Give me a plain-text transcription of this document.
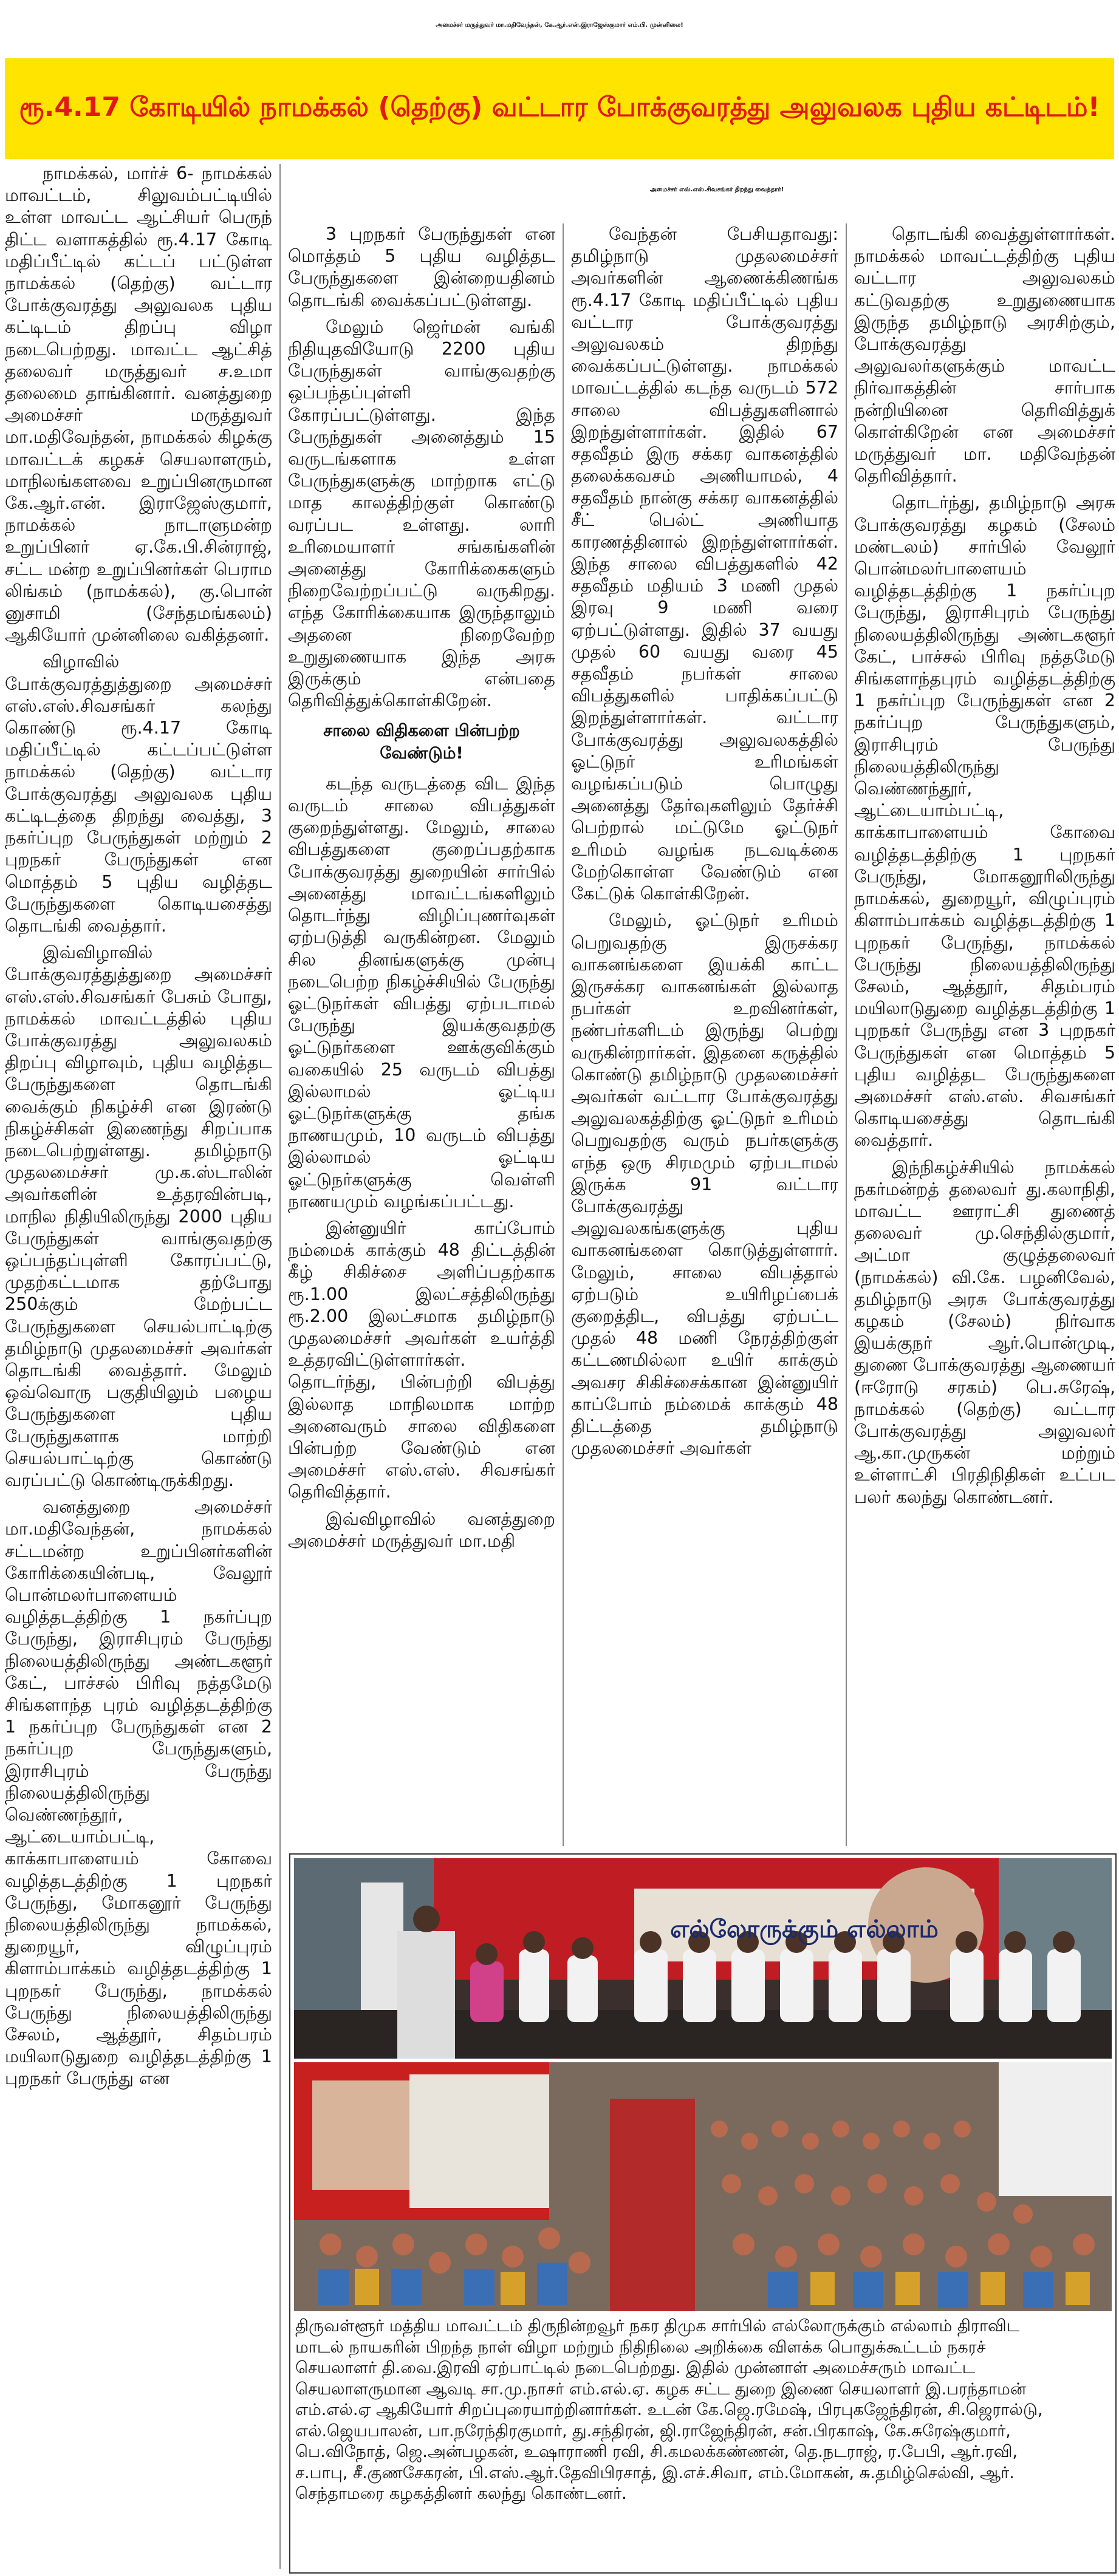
அமைச்சர் மருத்துவர் மா.மதிவேந்தன், கே.ஆர்.என்.இராஜேஸ்குமார் எம்.பி. முன்னிலை!
ரூ.4.17 கோடியில் நாமக்கல் (தெற்கு) வட்டார போக்குவரத்து அலுவலக புதிய கட்டிடம்!
அமைச்சர் எஸ்.எஸ்.சிவசங்கர் திறந்து வைத்தார்!

நாமக்கல், மார்ச் 6- நாமக்கல் மாவட்டம், சிலுவம்பட்டியில் உள்ள மாவட்ட ஆட்சியர் பெருந் திட்ட வளாகத்தில் ரூ.4.17 கோடி மதிப்பீட்டில் கட்டப் பட்டுள்ள நாமக்கல் (தெற்கு) வட்டார போக்குவரத்து அலுவலக புதிய கட்டிடம் திறப்பு விழா நடைபெற்றது. மாவட்ட ஆட்சித் தலைவர் மருத்துவர் ச.உமா தலைமை தாங்கினார். வனத்துறை அமைச்சர் மருத்துவர் மா.மதிவேந்தன், நாமக்கல் கிழக்கு மாவட்டக் கழகச் செயலாளரும், மாநிலங்களவை உறுப்பினருமான கே.ஆர்.என். இராஜேஸ்குமார், நாமக்கல் நாடாளுமன்ற உறுப்பினர் ஏ.கே.பி.சின்ராஜ், சட்ட மன்ற உறுப்பினர்கள் பெராம லிங்கம் (நாமக்கல்), கு.பொன் னுசாமி (சேந்தமங்கலம்) ஆகியோர் முன்னிலை வகித்தனர்.

விழாவில் போக்குவரத்துத்துறை அமைச்சர் எஸ்.எஸ்.சிவசங்கர் கலந்து கொண்டு ரூ.4.17 கோடி மதிப்பீட்டில் கட்டப்பட்டுள்ள நாமக்கல் (தெற்கு) வட்டார போக்குவரத்து அலுவலக புதிய கட்டிடத்தை திறந்து வைத்து, 3 நகர்ப்புற பேருந்துகள் மற்றும் 2 புறநகர் பேருந்துகள் என மொத்தம் 5 புதிய வழித்தட பேருந்துகளை கொடியசைத்து தொடங்கி வைத்தார்.

இவ்விழாவில் போக்குவரத்துத்துறை அமைச்சர் எஸ்.எஸ்.சிவசங்கர் பேசும் போது, நாமக்கல் மாவட்டத்தில் புதிய போக்குவரத்து அலுவலகம் திறப்பு விழாவும், புதிய வழித்தட பேருந்துகளை தொடங்கி வைக்கும் நிகழ்ச்சி என இரண்டு நிகழ்ச்சிகள் இணைந்து சிறப்பாக நடைபெற்றுள்ளது. தமிழ்நாடு முதலமைச்சர் மு.க.ஸ்டாலின் அவர்களின் உத்தரவின்படி, மாநில நிதியிலிருந்து 2000 புதிய பேருந்துகள் வாங்குவதற்கு ஒப்பந்தப்புள்ளி கோரப்பட்டு, முதற்கட்டமாக தற்போது 250க்கும் மேற்பட்ட பேருந்துகளை செயல்பாட்டிற்கு தமிழ்நாடு முதலமைச்சர் அவர்கள் தொடங்கி வைத்தார். மேலும் ஒவ்வொரு பகுதியிலும் பழைய பேருந்துகளை புதிய பேருந்துகளாக மாற்றி செயல்பாட்டிற்கு கொண்டு வரப்பட்டு கொண்டிருக்கிறது.

வனத்துறை அமைச்சர் மா.மதிவேந்தன், நாமக்கல் சட்டமன்ற உறுப்பினர்களின் கோரிக்கையின்படி, வேலூர் பொன்மலர்பாளையம் வழித்தடத்திற்கு 1 நகர்ப்புற பேருந்து, இராசிபுரம் பேருந்து நிலையத்திலிருந்து அண்டகளூர் கேட், பாச்சல் பிரிவு நத்தமேடு சிங்களாந்த புரம் வழித்தடத்திற்கு 1 நகர்ப்புற பேருந்துகள் என 2 நகர்ப்புற பேருந்துகளும், இராசிபுரம் பேருந்து நிலையத்திலிருந்து வெண்ணந்தூர், ஆட்டையாம்பட்டி, காக்காபாளையம் கோவை வழித்தடத்திற்கு 1 புறநகர் பேருந்து, மோகனூர் பேருந்து நிலையத்திலிருந்து நாமக்கல், துறையூர், விழுப்புரம் கிளாம்பாக்கம் வழித்தடத்திற்கு 1 புறநகர் பேருந்து, நாமக்கல் பேருந்து நிலையத்திலிருந்து சேலம், ஆத்தூர், சிதம்பரம் மயிலாடுதுறை வழித்தடத்திற்கு 1 புறநகர் பேருந்து என

3 புறநகர் பேருந்துகள் என மொத்தம் 5 புதிய வழித்தட பேருந்துகளை இன்றையதினம் தொடங்கி வைக்கப்பட்டுள்ளது.

மேலும் ஜெர்மன் வங்கி நிதியுதவியோடு 2200 புதிய பேருந்துகள் வாங்குவதற்கு ஒப்பந்தப்புள்ளி கோரப்பட்டுள்ளது. இந்த பேருந்துகள் அனைத்தும் 15 வருடங்களாக உள்ள பேருந்துகளுக்கு மாற்றாக எட்டு மாத காலத்திற்குள் கொண்டு வரப்பட உள்ளது. லாரி உரிமையாளர் சங்கங்களின் அனைத்து கோரிக்கைகளும் நிறைவேற்றப்பட்டு வருகிறது. எந்த கோரிக்கையாக இருந்தாலும் அதனை நிறைவேற்ற உறுதுணையாக இந்த அரசு இருக்கும் என்பதை தெரிவித்துக்கொள்கிறேன்.

சாலை விதிகளை பின்பற்ற வேண்டும்!

கடந்த வருடத்தை விட இந்த வருடம் சாலை விபத்துகள் குறைந்துள்ளது. மேலும், சாலை விபத்துகளை குறைப்பதற்காக போக்குவரத்து துறையின் சார்பில் அனைத்து மாவட்டங்களிலும் தொடர்ந்து விழிப்புணர்வுகள் ஏற்படுத்தி வருகின்றன. மேலும் சில தினங்களுக்கு முன்பு நடைபெற்ற நிகழ்ச்சியில் பேருந்து ஓட்டுநர்கள் விபத்து ஏற்படாமல் பேருந்து இயக்குவதற்கு ஓட்டுநர்களை ஊக்குவிக்கும் வகையில் 25 வருடம் விபத்து இல்லாமல் ஓட்டிய ஓட்டுநர்களுக்கு தங்க நாணயமும், 10 வருடம் விபத்து இல்லாமல் ஓட்டிய ஓட்டுநர்களுக்கு வெள்ளி நாணயமும் வழங்கப்பட்டது.

இன்னுயிர் காப்போம் நம்மைக் காக்கும் 48 திட்டத்தின் கீழ் சிகிச்சை அளிப்பதற்காக ரூ.1.00 இலட்சத்திலிருந்து ரூ.2.00 இலட்சமாக தமிழ்நாடு முதலமைச்சர் அவர்கள் உயர்த்தி உத்தரவிட்டுள்ளார்கள். தொடர்ந்து, பின்பற்றி விபத்து இல்லாத மாநிலமாக மாற்ற அனைவரும் சாலை விதிகளை பின்பற்ற வேண்டும் என அமைச்சர் எஸ்.எஸ். சிவசங்கர் தெரிவித்தார்.

இவ்விழாவில் வனத்துறை அமைச்சர் மருத்துவர் மா.மதி

வேந்தன் பேசியதாவது: தமிழ்நாடு முதலமைச்சர் அவர்களின் ஆணைக்கிணங்க ரூ.4.17 கோடி மதிப்பீட்டில் புதிய வட்டார போக்குவரத்து அலுவலகம் திறந்து வைக்கப்பட்டுள்ளது. நாமக்கல் மாவட்டத்தில் கடந்த வருடம் 572 சாலை விபத்துகளினால் இறந்துள்ளார்கள். இதில் 67 சதவீதம் இரு சக்கர வாகனத்தில் தலைக்கவசம் அணியாமல், 4 சதவீதம் நான்கு சக்கர வாகனத்தில் சீட் பெல்ட் அணியாத காரணத்தினால் இறந்துள்ளார்கள். இந்த சாலை விபத்துகளில் 42 சதவீதம் மதியம் 3 மணி முதல் இரவு 9 மணி வரை ஏற்பட்டுள்ளது. இதில் 37 வயது முதல் 60 வயது வரை 45 சதவீதம் நபர்கள் சாலை விபத்துகளில் பாதிக்கப்பட்டு இறந்துள்ளார்கள். வட்டார போக்குவரத்து அலுவலகத்தில் ஓட்டுநர் உரிமங்கள் வழங்கப்படும் பொழுது அனைத்து தேர்வுகளிலும் தேர்ச்சி பெற்றால் மட்டுமே ஓட்டுநர் உரிமம் வழங்க நடவடிக்கை மேற்கொள்ள வேண்டும் என கேட்டுக் கொள்கிறேன்.

மேலும், ஓட்டுநர் உரிமம் பெறுவதற்கு இருசக்கர வாகனங்களை இயக்கி காட்ட இருசக்கர வாகனங்கள் இல்லாத நபர்கள் உறவினர்கள், நண்பர்களிடம் இருந்து பெற்று வருகின்றார்கள். இதனை கருத்தில் கொண்டு தமிழ்நாடு முதலமைச்சர் அவர்கள் வட்டார போக்குவரத்து அலுவலகத்திற்கு ஓட்டுநர் உரிமம் பெறுவதற்கு வரும் நபர்களுக்கு எந்த ஒரு சிரமமும் ஏற்படாமல் இருக்க 91 வட்டார போக்குவரத்து அலுவலகங்களுக்கு புதிய வாகனங்களை கொடுத்துள்ளார். மேலும், சாலை விபத்தால் ஏற்படும் உயிரிழப்பைக் குறைத்திட, விபத்து ஏற்பட்ட முதல் 48 மணி நேரத்திற்குள் கட்டணமில்லா உயிர் காக்கும் அவசர சிகிச்சைக்கான இன்னுயிர் காப்போம் நம்மைக் காக்கும் 48 திட்டத்தை தமிழ்நாடு முதலமைச்சர் அவர்கள்

தொடங்கி வைத்துள்ளார்கள். நாமக்கல் மாவட்டத்திற்கு புதிய வட்டார அலுவலகம் கட்டுவதற்கு உறுதுணையாக இருந்த தமிழ்நாடு அரசிற்கும், போக்குவரத்து அலுவலர்களுக்கும் மாவட்ட நிர்வாகத்தின் சார்பாக நன்றியினை தெரிவித்துக் கொள்கிறேன் என அமைச்சர் மருத்துவர் மா. மதிவேந்தன் தெரிவித்தார்.

தொடர்ந்து, தமிழ்நாடு அரசு போக்குவரத்து கழகம் (சேலம் மண்டலம்) சார்பில் வேலூர் பொன்மலர்பாளையம் வழித்தடத்திற்கு 1 நகர்ப்புற பேருந்து, இராசிபுரம் பேருந்து நிலையத்திலிருந்து அண்டகளூர் கேட், பாச்சல் பிரிவு நத்தமேடு சிங்களாந்தபுரம் வழித்தடத்திற்கு 1 நகர்ப்புற பேருந்துகள் என 2 நகர்ப்புற பேருந்துகளும், இராசிபுரம் பேருந்து நிலையத்திலிருந்து வெண்ணந்தூர், ஆட்டையாம்பட்டி, காக்காபாளையம் கோவை வழித்தடத்திற்கு 1 புறநகர் பேருந்து, மோகனூரிலிருந்து நாமக்கல், துறையூர், விழுப்புரம் கிளாம்பாக்கம் வழித்தடத்திற்கு 1 புறநகர் பேருந்து, நாமக்கல் பேருந்து நிலையத்திலிருந்து சேலம், ஆத்தூர், சிதம்பரம் மயிலாடுதுறை வழித்தடத்திற்கு 1 புறநகர் பேருந்து என 3 புறநகர் பேருந்துகள் என மொத்தம் 5 புதிய வழித்தட பேருந்துகளை அமைச்சர் எஸ்.எஸ். சிவசங்கர் கொடியசைத்து தொடங்கி வைத்தார்.

இந்நிகழ்ச்சியில் நாமக்கல் நகர்மன்றத் தலைவர் து.கலாநிதி, மாவட்ட ஊராட்சி துணைத் தலைவர் மு.செந்தில்குமார், அட்மா குழுத்தலைவர் (நாமக்கல்) வி.கே. பழனிவேல், தமிழ்நாடு அரசு போக்குவரத்து கழகம் (சேலம்) நிர்வாக இயக்குநர் ஆர்.பொன்முடி, துணை போக்குவரத்து ஆணையர் (ஈரோடு சரகம்) பெ.சுரேஷ், நாமக்கல் (தெற்கு) வட்டார போக்குவரத்து அலுவலர் ஆ.கா.முருகன் மற்றும் உள்ளாட்சி பிரதிநிதிகள் உட்பட பலர் கலந்து கொண்டனர்.

எல்லோருக்கும் எல்லாம்
திருவள்ளூர் மத்திய மாவட்டம் திருநின்றவூர் நகர திமுக சார்பில் எல்லோருக்கும் எல்லாம் திராவிட
மாடல் நாயகரின் பிறந்த நாள் விழா மற்றும் நிதிநிலை அறிக்கை விளக்க பொதுக்கூட்டம் நகரச்
செயலாளர் தி.வை.இரவி ஏற்பாட்டில் நடைபெற்றது. இதில் முன்னாள் அமைச்சரும் மாவட்ட
செயலாளருமான ஆவடி சா.மு.நாசர் எம்.எல்.ஏ. கழக சட்ட துறை இணை செயலாளர் இ.பரந்தாமன்
எம்.எல்.ஏ ஆகியோர் சிறப்புரையாற்றினார்கள். உடன் கே.ஜெ.ரமேஷ், பிரபுகஜேந்திரன், சி.ஜெரால்டு,
எல்.ஜெயபாலன், பா.நரேந்திரகுமார், து.சந்திரன், ஜி.ராஜேந்திரன், சன்.பிரகாஷ், கே.சுரேஷ்குமார்,
பெ.விநோத், ஜெ.அன்பழகன், உஷாராணி ரவி, சி.கமலக்கண்ணன், தெ.நடராஜ், ர.பேபி, ஆர்.ரவி,
ச.பாபு, சீ.குணசேகரன், பி.எஸ்.ஆர்.தேவிபிரசாத், இ.எச்.சிவா, எம்.மோகன், சு.தமிழ்செல்வி, ஆர்.
செந்தாமரை கழகத்தினர் கலந்து கொண்டனர்.
